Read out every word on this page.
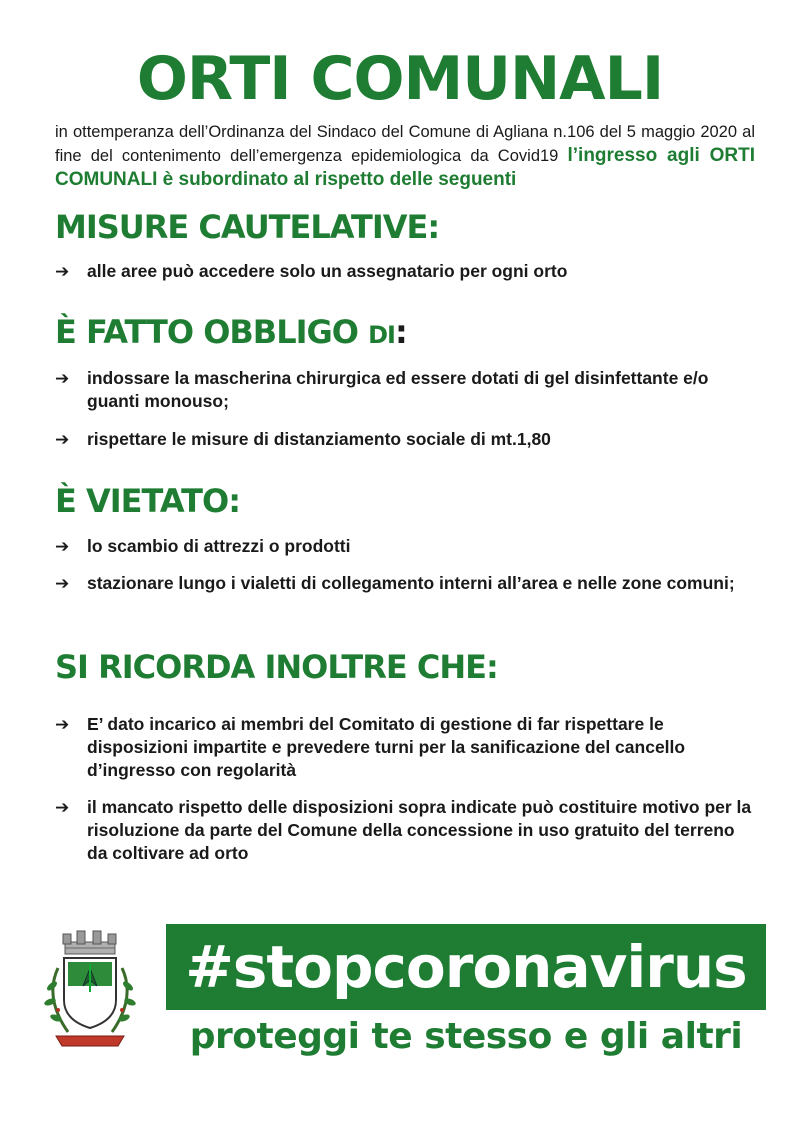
ORTI COMUNALI
in ottemperanza dell’Ordinanza del Sindaco del Comune di Agliana n.106 del 5 maggio 2020 al fine del contenimento dell’emergenza epidemiologica da Covid19 l’ingresso agli ORTI COMUNALI è subordinato al rispetto delle seguenti
MISURE CAUTELATIVE:
➔ alle aree può accedere solo un assegnatario per ogni orto
È FATTO OBBLIGO DI:
➔ indossare la mascherina chirurgica ed essere dotati di gel disinfettante e/o guanti monouso;
➔ rispettare le misure di distanziamento sociale di mt.1,80
È VIETATO:
➔ lo scambio di attrezzi o prodotti
➔ stazionare lungo i vialetti di collegamento interni all’area e nelle zone comuni;
SI RICORDA INOLTRE CHE:
➔ E’ dato incarico ai membri del Comitato di gestione di far rispettare le disposizioni impartite e prevedere turni per la sanificazione del cancello d’ingresso con regolarità
➔ il mancato rispetto delle disposizioni sopra indicate può costituire motivo per la risoluzione da parte del Comune della concessione in uso gratuito del terreno da coltivare ad orto
#stopcoronavirus
proteggi te stesso e gli altri
